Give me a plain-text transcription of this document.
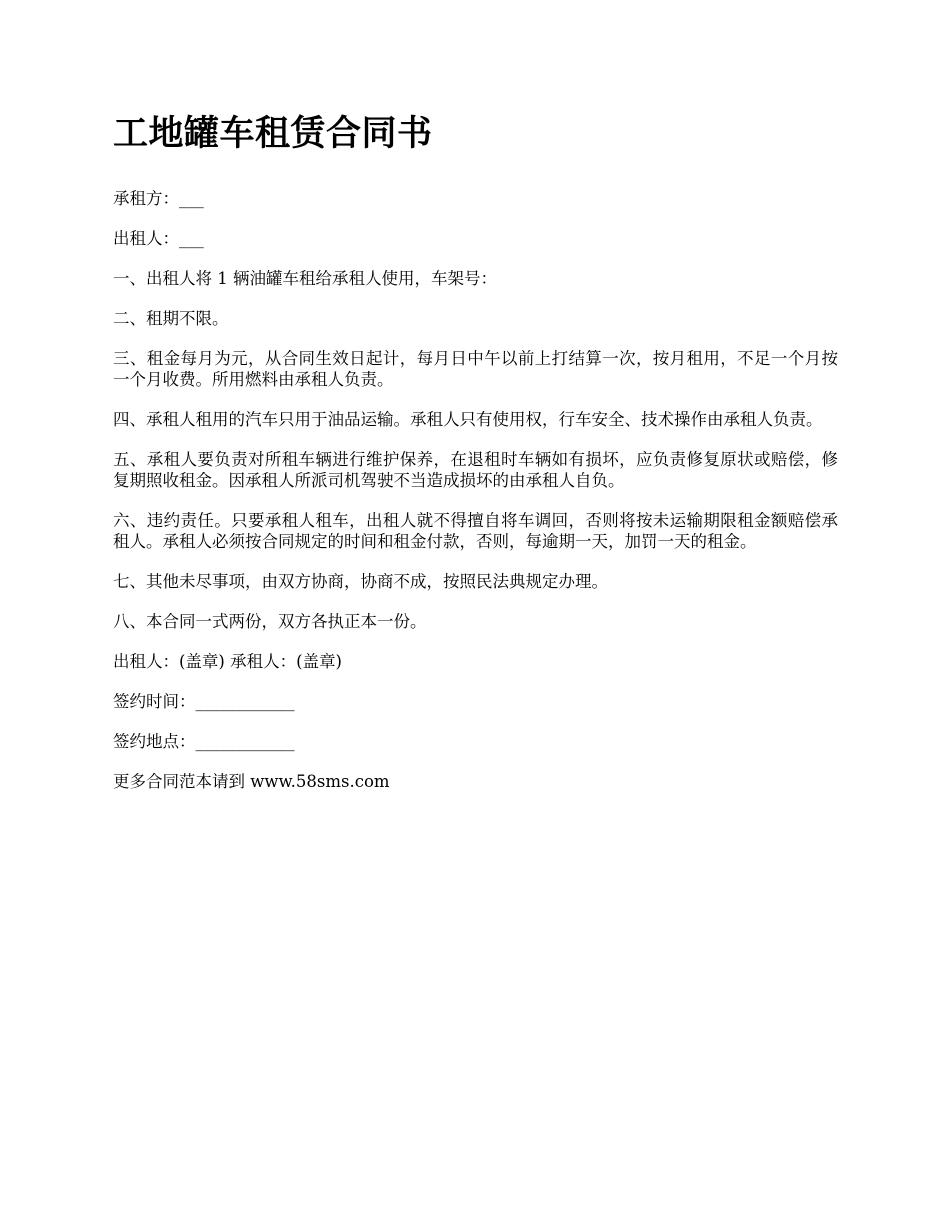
工地罐车租赁合同书

承租方：___

出租人：___

一、出租人将 1 辆油罐车租给承租人使用，车架号：

二、租期不限。

三、租金每月为元，从合同生效日起计，每月日中午以前上打结算一次，按月租用，不足一个月按一个月收费。所用燃料由承租人负责。

四、承租人租用的汽车只用于油品运输。承租人只有使用权，行车安全、技术操作由承租人负责。

五、承租人要负责对所租车辆进行维护保养，在退租时车辆如有损坏，应负责修复原状或赔偿，修复期照收租金。因承租人所派司机驾驶不当造成损坏的由承租人自负。

六、违约责任。只要承租人租车，出租人就不得擅自将车调回，否则将按未运输期限租金额赔偿承租人。承租人必须按合同规定的时间和租金付款，否则，每逾期一天，加罚一天的租金。

七、其他未尽事项，由双方协商，协商不成，按照民法典规定办理。

八、本合同一式两份，双方各执正本一份。

出租人：(盖章) 承租人：(盖章)

签约时间：____________

签约地点：____________

更多合同范本请到 www.58sms.com
